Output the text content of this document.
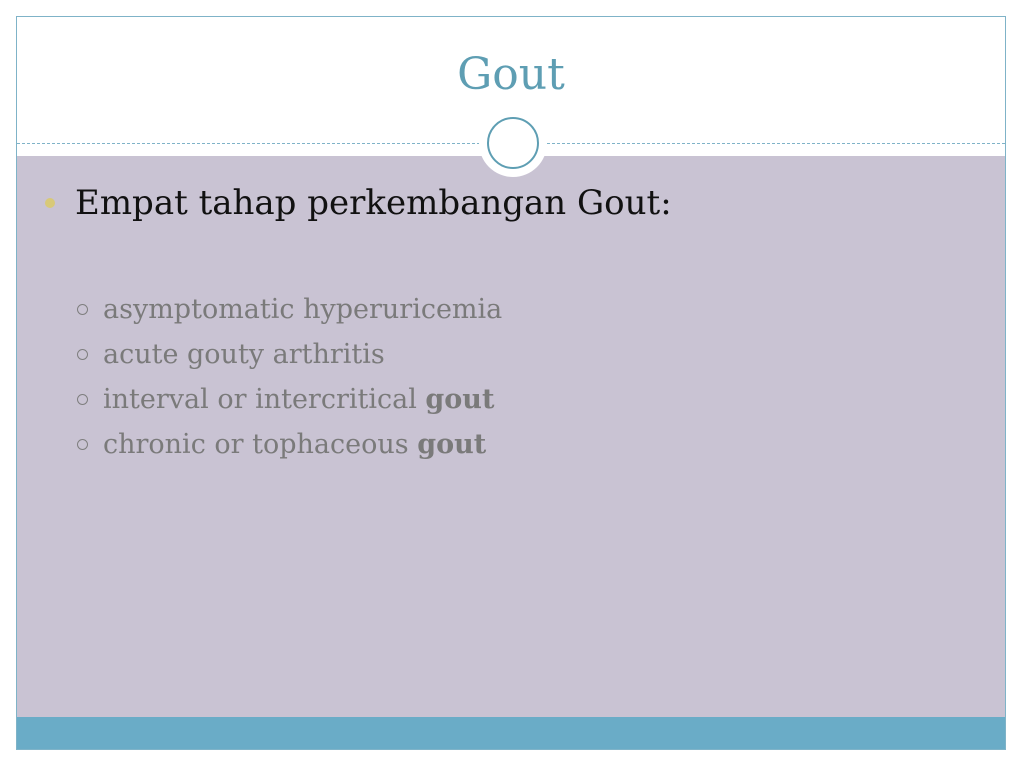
Gout
Empat tahap perkembangan Gout:
asymptomatic hyperuricemia
acute gouty arthritis
interval or intercritical gout
chronic or tophaceous gout
